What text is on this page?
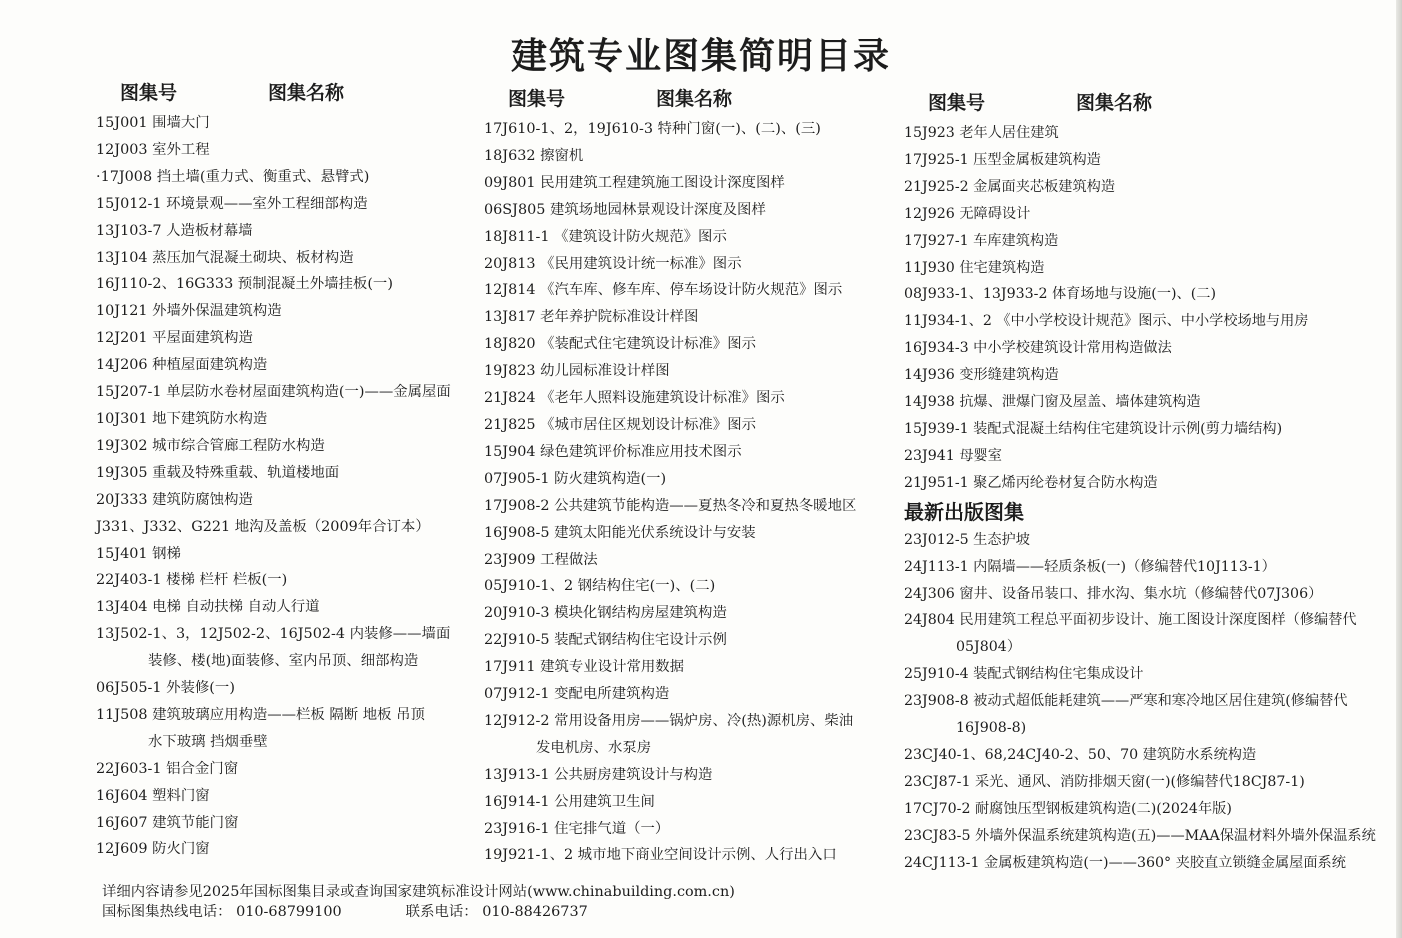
建筑专业图集简明目录
图集号	图集名称
15J001 围墙大门
12J003 室外工程
·17J008 挡土墙(重力式、衡重式、悬臂式)
15J012-1 环境景观——室外工程细部构造
13J103-7 人造板材幕墙
13J104 蒸压加气混凝土砌块、板材构造
16J110-2、16G333 预制混凝土外墙挂板(一)
10J121 外墙外保温建筑构造
12J201 平屋面建筑构造
14J206 种植屋面建筑构造
15J207-1 单层防水卷材屋面建筑构造(一)——金属屋面
10J301 地下建筑防水构造
19J302 城市综合管廊工程防水构造
19J305 重载及特殊重载、轨道楼地面
20J333 建筑防腐蚀构造
J331、J332、G221 地沟及盖板（2009年合订本）
15J401 钢梯
22J403-1 楼梯 栏杆 栏板(一)
13J404 电梯 自动扶梯 自动人行道
13J502-1、3，12J502-2、16J502-4 内装修——墙面
装修、楼(地)面装修、室内吊顶、细部构造
06J505-1 外装修(一)
11J508 建筑玻璃应用构造——栏板 隔断 地板 吊顶
水下玻璃 挡烟垂壁
22J603-1 铝合金门窗
16J604 塑料门窗
16J607 建筑节能门窗
12J609 防火门窗
图集号	图集名称
17J610-1、2，19J610-3 特种门窗(一)、(二)、(三)
18J632 擦窗机
09J801 民用建筑工程建筑施工图设计深度图样
06SJ805 建筑场地园林景观设计深度及图样
18J811-1 《建筑设计防火规范》图示
20J813 《民用建筑设计统一标准》图示
12J814 《汽车库、修车库、停车场设计防火规范》图示
13J817 老年养护院标准设计样图
18J820 《装配式住宅建筑设计标准》图示
19J823 幼儿园标准设计样图
21J824 《老年人照料设施建筑设计标准》图示
21J825 《城市居住区规划设计标准》图示
15J904 绿色建筑评价标准应用技术图示
07J905-1 防火建筑构造(一)
17J908-2 公共建筑节能构造——夏热冬冷和夏热冬暖地区
16J908-5 建筑太阳能光伏系统设计与安装
23J909 工程做法
05J910-1、2 钢结构住宅(一)、(二)
20J910-3 模块化钢结构房屋建筑构造
22J910-5 装配式钢结构住宅设计示例
17J911 建筑专业设计常用数据
07J912-1 变配电所建筑构造
12J912-2 常用设备用房——锅炉房、冷(热)源机房、柴油
发电机房、水泵房
13J913-1 公共厨房建筑设计与构造
16J914-1 公用建筑卫生间
23J916-1 住宅排气道（一）
19J921-1、2 城市地下商业空间设计示例、人行出入口
图集号	图集名称
15J923 老年人居住建筑
17J925-1 压型金属板建筑构造
21J925-2 金属面夹芯板建筑构造
12J926 无障碍设计
17J927-1 车库建筑构造
11J930 住宅建筑构造
08J933-1、13J933-2 体育场地与设施(一)、(二)
11J934-1、2 《中小学校设计规范》图示、中小学校场地与用房
16J934-3 中小学校建筑设计常用构造做法
14J936 变形缝建筑构造
14J938 抗爆、泄爆门窗及屋盖、墙体建筑构造
15J939-1 装配式混凝土结构住宅建筑设计示例(剪力墙结构)
23J941 母婴室
21J951-1 聚乙烯丙纶卷材复合防水构造
最新出版图集
23J012-5 生态护坡
24J113-1 内隔墙——轻质条板(一)（修编替代10J113-1）
24J306 窗井、设备吊装口、排水沟、集水坑（修编替代07J306）
24J804 民用建筑工程总平面初步设计、施工图设计深度图样（修编替代
05J804）
25J910-4 装配式钢结构住宅集成设计
23J908-8 被动式超低能耗建筑——严寒和寒冷地区居住建筑(修编替代
16J908-8)
23CJ40-1、68,24CJ40-2、50、70 建筑防水系统构造
23CJ87-1 采光、通风、消防排烟天窗(一)(修编替代18CJ87-1)
17CJ70-2 耐腐蚀压型钢板建筑构造(二)(2024年版)
23CJ83-5 外墙外保温系统建筑构造(五)——MAA保温材料外墙外保温系统
24CJ113-1 金属板建筑构造(一)——360° 夹胶直立锁缝金属屋面系统
详细内容请参见2025年国标图集目录或查询国家建筑标准设计网站(www.chinabuilding.com.cn)
国标图集热线电话： 010-68799100	联系电话： 010-88426737
